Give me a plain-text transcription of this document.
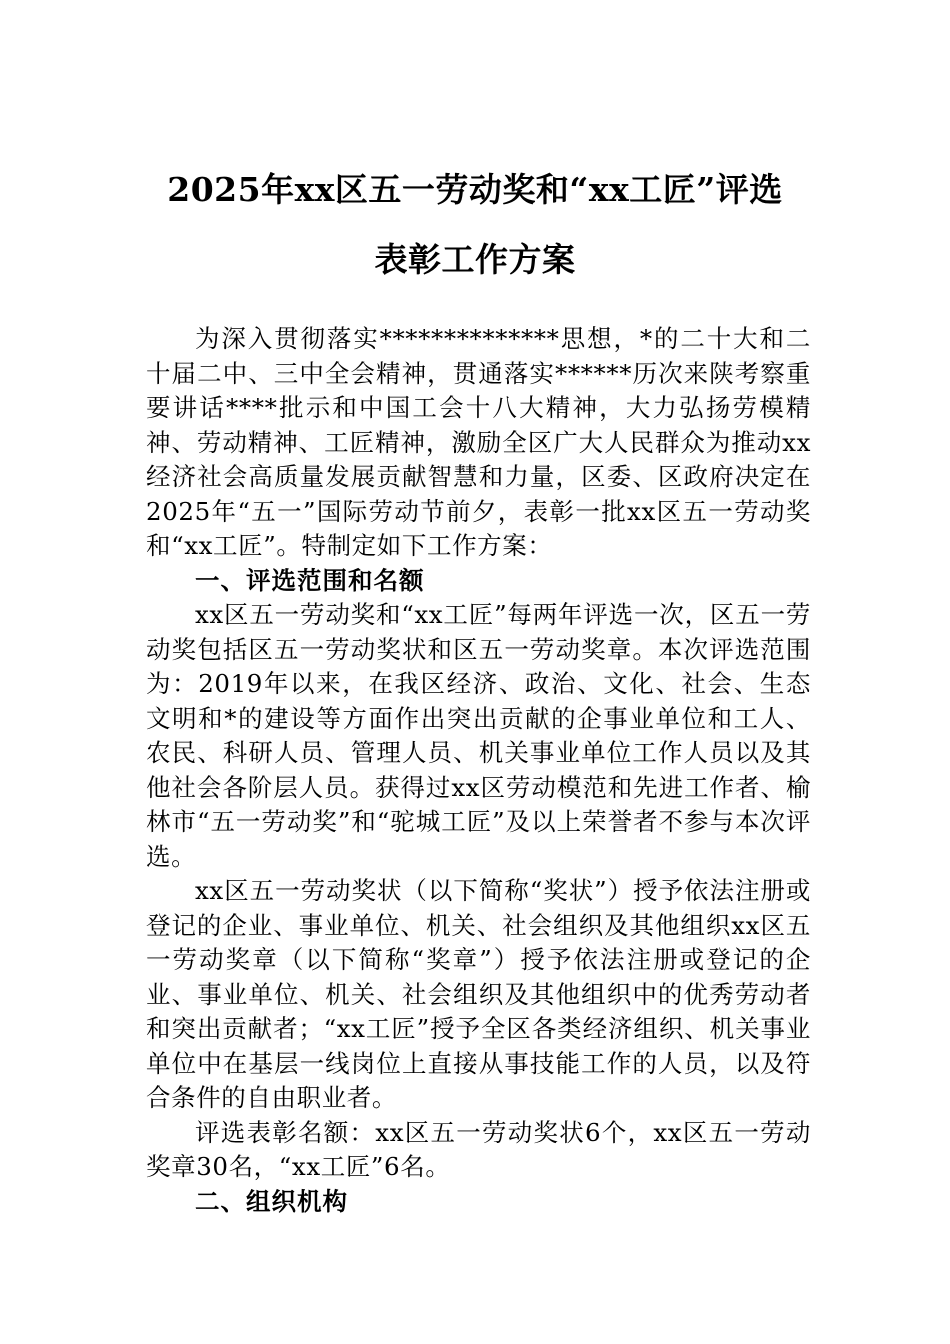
2025年xx区五一劳动奖和“xx工匠”评选
表彰工作方案

为深入贯彻落实**************思想，*的二十大和二十届二中、三中全会精神，贯通落实******历次来陕考察重要讲话****批示和中国工会十八大精神，大力弘扬劳模精神、劳动精神、工匠精神，激励全区广大人民群众为推动xx经济社会高质量发展贡献智慧和力量，区委、区政府决定在2025年“五一”国际劳动节前夕，表彰一批xx区五一劳动奖和“xx工匠”。特制定如下工作方案：

一、评选范围和名额

xx区五一劳动奖和“xx工匠”每两年评选一次，区五一劳动奖包括区五一劳动奖状和区五一劳动奖章。本次评选范围为：2019年以来，在我区经济、政治、文化、社会、生态文明和*的建设等方面作出突出贡献的企事业单位和工人、农民、科研人员、管理人员、机关事业单位工作人员以及其他社会各阶层人员。获得过xx区劳动模范和先进工作者、榆林市“五一劳动奖”和“驼城工匠”及以上荣誉者不参与本次评选。

xx区五一劳动奖状（以下简称“奖状”）授予依法注册或登记的企业、事业单位、机关、社会组织及其他组织xx区五一劳动奖章（以下简称“奖章”）授予依法注册或登记的企业、事业单位、机关、社会组织及其他组织中的优秀劳动者和突出贡献者；“xx工匠”授予全区各类经济组织、机关事业单位中在基层一线岗位上直接从事技能工作的人员，以及符合条件的自由职业者。

评选表彰名额：xx区五一劳动奖状6个，xx区五一劳动奖章30名，“xx工匠”6名。

二、组织机构
